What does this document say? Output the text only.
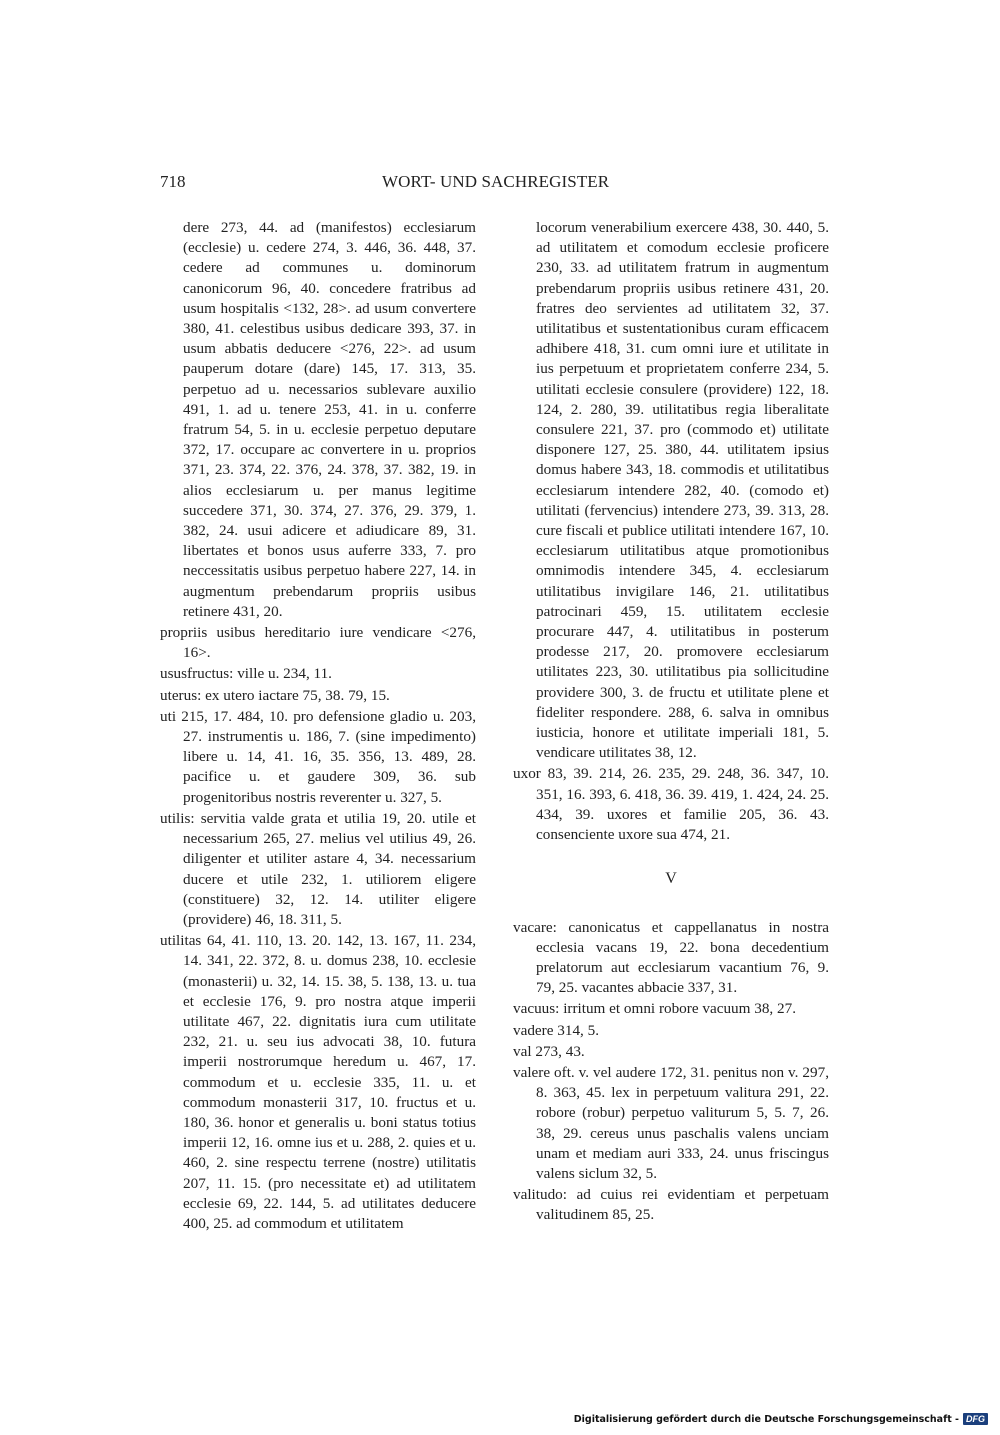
718	WORT- UND SACHREGISTER

dere 273, 44. ad (manifestos) ecclesiarum (ecclesie) u. cedere 274, 3. 446, 36. 448, 37. cedere ad communes u. dominorum canonicorum 96, 40. concedere fratribus ad usum hospitalis <132, 28>. ad usum convertere 380, 41. celestibus usibus dedicare 393, 37. in usum abbatis deducere <276, 22>. ad usum pauperum dotare (dare) 145, 17. 313, 35. perpetuo ad u. necessarios sublevare auxilio 491, 1. ad u. tenere 253, 41. in u. conferre fratrum 54, 5. in u. ecclesie perpetuo deputare 372, 17. occupare ac convertere in u. proprios 371, 23. 374, 22. 376, 24. 378, 37. 382, 19. in alios ecclesiarum u. per manus legitime succedere 371, 30. 374, 27. 376, 29. 379, 1. 382, 24. usui adicere et adiudicare 89, 31. libertates et bonos usus auferre 333, 7. pro neccessitatis usibus perpetuo habere 227, 14. in augmentum prebendarum propriis usibus retinere 431, 20.

propriis usibus hereditario iure vendicare <276, 16>.

ususfructus: ville u. 234, 11.

uterus: ex utero iactare 75, 38. 79, 15.

uti 215, 17. 484, 10. pro defensione gladio u. 203, 27. instrumentis u. 186, 7. (sine impedimento) libere u. 14, 41. 16, 35. 356, 13. 489, 28. pacifice u. et gaudere 309, 36. sub progenitoribus nostris reverenter u. 327, 5.

utilis: servitia valde grata et utilia 19, 20. utile et necessarium 265, 27. melius vel utilius 49, 26. diligenter et utiliter astare 4, 34. necessarium ducere et utile 232, 1. utiliorem eligere (constituere) 32, 12. 14. utiliter eligere (providere) 46, 18. 311, 5.

utilitas 64, 41. 110, 13. 20. 142, 13. 167, 11. 234, 14. 341, 22. 372, 8. u. domus 238, 10. ecclesie (monasterii) u. 32, 14. 15. 38, 5. 138, 13. u. tua et ecclesie 176, 9. pro nostra atque imperii utilitate 467, 22. dignitatis iura cum utilitate 232, 21. u. seu ius advocati 38, 10. futura imperii nostrorumque heredum u. 467, 17. commodum et u. ecclesie 335, 11. u. et commodum monasterii 317, 10. fructus et u. 180, 36. honor et generalis u. boni status totius imperii 12, 16. omne ius et u. 288, 2. quies et u. 460, 2. sine respectu terrene (nostre) utilitatis 207, 11. 15. (pro necessitate et) ad utilitatem ecclesie 69, 22. 144, 5. ad utilitates deducere 400, 25. ad commodum et utilitatem

locorum venerabilium exercere 438, 30. 440, 5. ad utilitatem et comodum ecclesie proficere 230, 33. ad utilitatem fratrum in augmentum prebendarum propriis usibus retinere 431, 20. fratres deo servientes ad utilitatem 32, 37. utilitatibus et sustentationibus curam efficacem adhibere 418, 31. cum omni iure et utilitate in ius perpetuum et proprietatem conferre 234, 5. utilitati ecclesie consulere (providere) 122, 18. 124, 2. 280, 39. utilitatibus regia liberalitate consulere 221, 37. pro (commodo et) utilitate disponere 127, 25. 380, 44. utilitatem ipsius domus habere 343, 18. commodis et utilitatibus ecclesiarum intendere 282, 40. (comodo et) utilitati (fervencius) intendere 273, 39. 313, 28. cure fiscali et publice utilitati intendere 167, 10. ecclesiarum utilitatibus atque promotionibus omnimodis intendere 345, 4. ecclesiarum utilitatibus invigilare 146, 21. utilitatibus patrocinari 459, 15. utilitatem ecclesie procurare 447, 4. utilitatibus in posterum prodesse 217, 20. promovere ecclesiarum utilitates 223, 30. utilitatibus pia sollicitudine providere 300, 3. de fructu et utilitate plene et fideliter respondere. 288, 6. salva in omnibus iusticia, honore et utilitate imperiali 181, 5. vendicare utilitates 38, 12.

uxor 83, 39. 214, 26. 235, 29. 248, 36. 347, 10. 351, 16. 393, 6. 418, 36. 39. 419, 1. 424, 24. 25. 434, 39. uxores et familie 205, 36. 43. consenciente uxore sua 474, 21.

V

vacare: canonicatus et cappellanatus in nostra ecclesia vacans 19, 22. bona decedentium prelatorum aut ecclesiarum vacantium 76, 9. 79, 25. vacantes abbacie 337, 31.

vacuus: irritum et omni robore vacuum 38, 27.

vadere 314, 5.

val 273, 43.

valere oft. v. vel audere 172, 31. penitus non v. 297, 8. 363, 45. lex in perpetuum valitura 291, 22. robore (robur) perpetuo valiturum 5, 5. 7, 26. 38, 29. cereus unus paschalis valens unciam unam et mediam auri 333, 24. unus friscingus valens siclum 32, 5.

valitudo: ad cuius rei evidentiam et perpetuam valitudinem 85, 25.

Digitalisierung gefördert durch die Deutsche Forschungsgemeinschaft - DFG
